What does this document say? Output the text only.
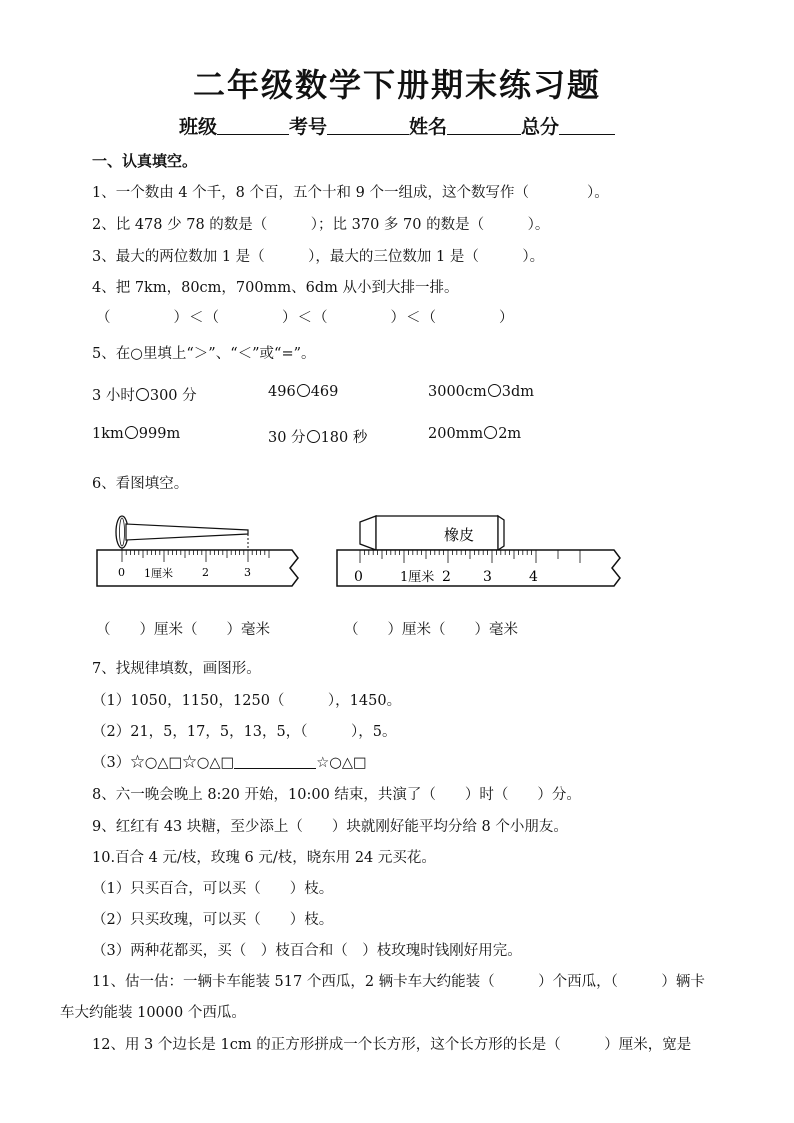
二年级数学下册期末练习题
班级	考号	姓名	总分
一、认真填空。
1、一个数由 4 个千，8 个百，五个十和 9 个一组成，这个数写作（　　　　）。
2、比 478 少 78 的数是（　　　）；比 370 多 70 的数是（　　　）。
3、最大的两位数加 1 是（　　　），最大的三位数加 1 是（　　　）。
4、把 7km，80cm，700mm、6dm 从小到大排一排。
（　　　　）＜（　　　　）＜（　　　　）＜（　　　　）
5、在○里填上“＞”、“＜”或“=”。
3 小时 300 分	496 469	3000cm 3dm
1km 999m	30 分 180 秒	200mm 2m
6、看图填空。
0 1厘米	2	3
橡皮
0	1厘米 2 3	4
（　　）厘米（　　）毫米	（　　）厘米（　　）毫米
7、找规律填数，画图形。
（1）1050，1150，1250（　　　），1450。
（2）21，5，17，5，13，5，（　　　），5。
（3）☆○△□☆○△□	☆○△□
8、六一晚会晚上 8:20 开始，10:00 结束，共演了（　　）时（　　）分。
9、红红有 43 块糖，至少添上（　　）块就刚好能平均分给 8 个小朋友。
10.百合 4 元/枝，玫瑰 6 元/枝，晓东用 24 元买花。
（1）只买百合，可以买（　　）枝。
（2）只买玫瑰，可以买（　　）枝。
（3）两种花都买，买（　）枝百合和（　）枝玫瑰时钱刚好用完。
11、估一估：一辆卡车能装 517 个西瓜，2 辆卡车大约能装（　　　）个西瓜，（　　　）辆卡
车大约能装 10000 个西瓜。
12、用 3 个边长是 1cm 的正方形拼成一个长方形，这个长方形的长是（　　　）厘米，宽是
